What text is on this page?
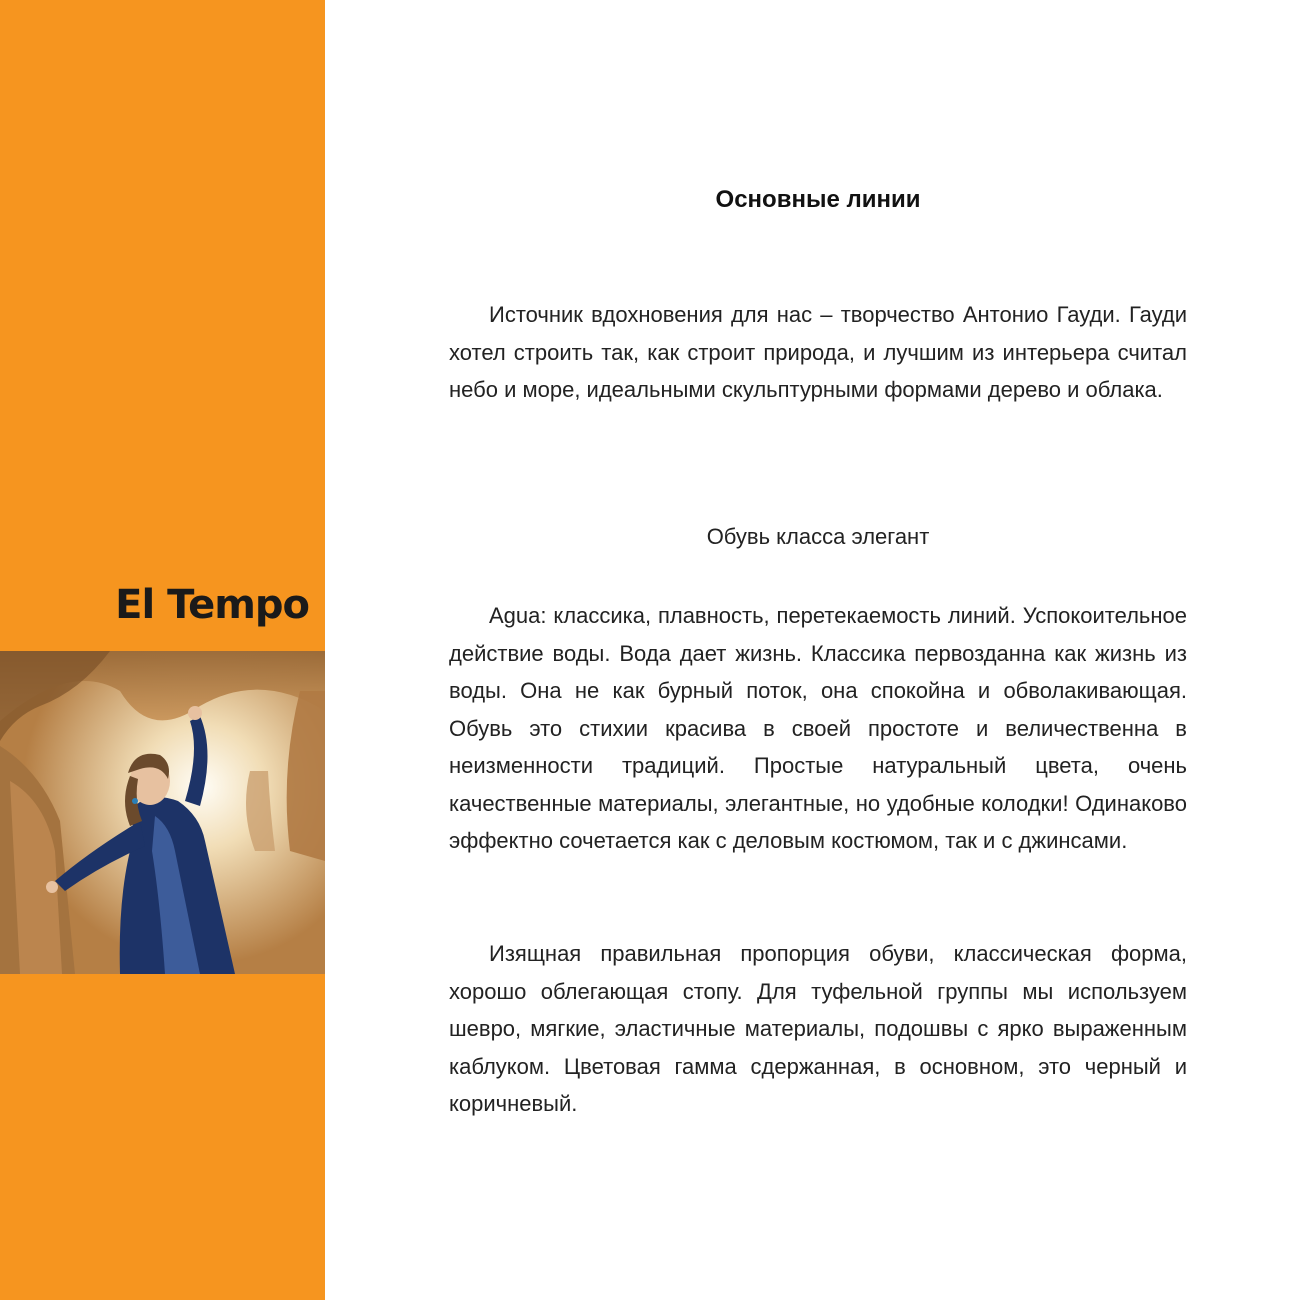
El Tempo
Основные линии

Источник вдохновения для нас – творчество Антонио Гауди. Гауди хотел строить так, как строит природа, и лучшим из интерьера считал небо и море, идеальными скульптурными формами дерево и облака.

Обувь класса элегант

Agua: классика, плавность, перетекаемость линий. Успокоительное действие воды. Вода дает жизнь. Классика первозданна как жизнь из воды. Она не как бурный поток, она спокойна и обволакивающая. Обувь это стихии красива в своей простоте и величественна в неизменности традиций. Простые натуральный цвета, очень качественные материалы, элегантные, но удобные колодки! Одинаково эффектно сочетается как с деловым костюмом, так и с джинсами.

Изящная правильная пропорция обуви, классическая форма, хорошо облегающая стопу. Для туфельной группы мы используем шевро, мягкие, эластичные материалы, подошвы с ярко выраженным каблуком. Цветовая гамма сдержанная, в основном, это черный и коричневый.
